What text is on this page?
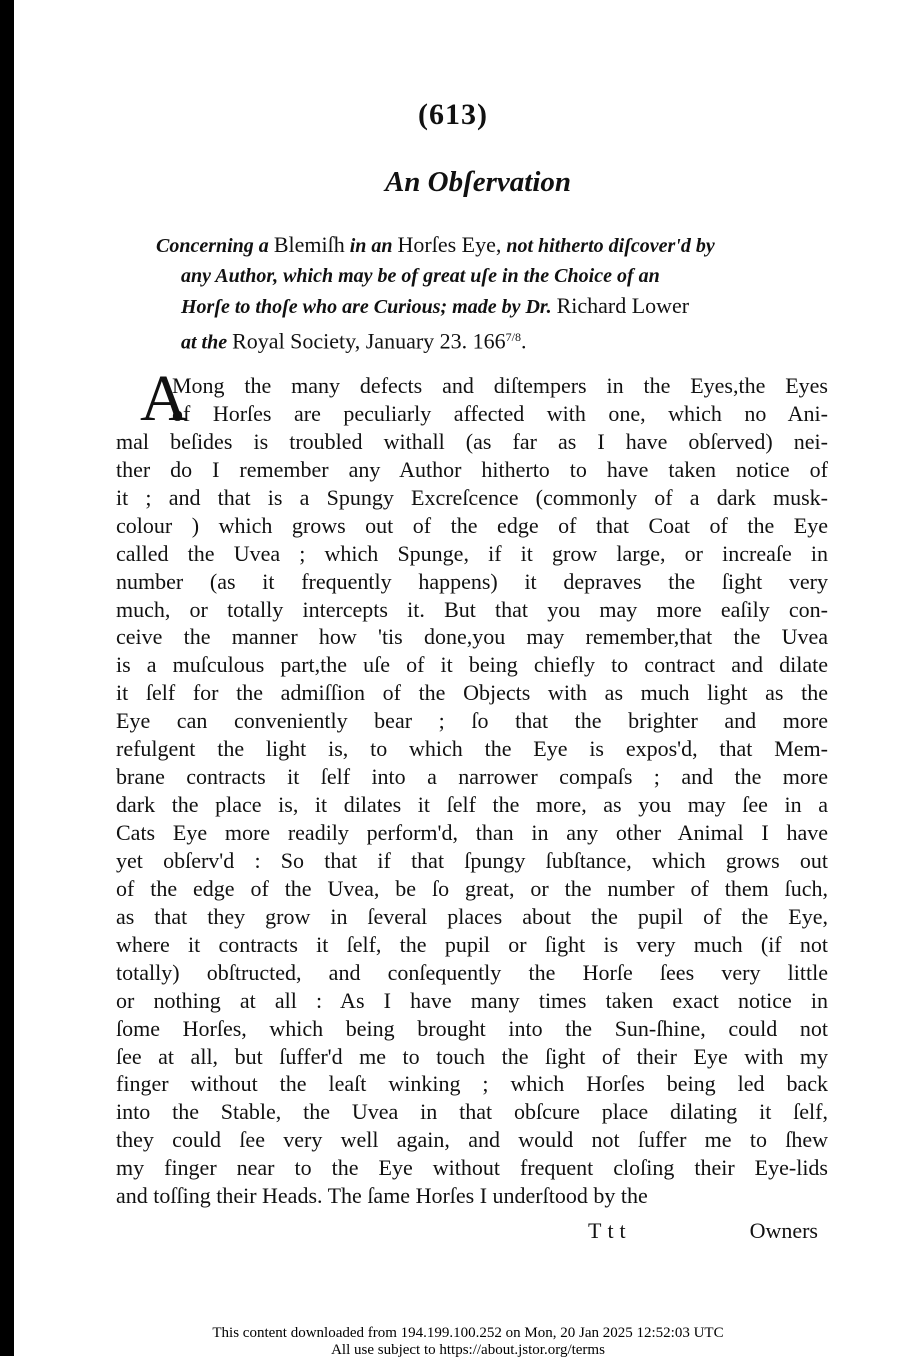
(613)
An Obſervation
Concerning a Blemiſh in an Horſes Eye, not hitherto diſcover'd by
any Author, which may be of great uſe in the Choice of an
Horſe to thoſe who are Curious; made by Dr. Richard Lower
at the Royal Society, January 23. $166^{7/8}$.
A
Mong the many defects and diſtempers in the Eyes,the Eyes
of Horſes are peculiarly affected with one, which no Ani-
mal beſides is troubled withall (as far as I have obſerved) nei-
ther do I remember any Author hitherto to have taken notice of
it ; and that is a Spungy Excreſcence (commonly of a dark musk-
colour ) which grows out of the edge of that Coat of the Eye
called the Uvea ; which Spunge, if it grow large, or increaſe in
number (as it frequently happens) it depraves the ſight very
much, or totally intercepts it. But that you may more eaſily con-
ceive the manner how 'tis done,you may remember,that the Uvea
is a muſculous part,the uſe of it being chiefly to contract and dilate
it ſelf for the admiſſion of the Objects with as much light as the
Eye can conveniently bear ; ſo that the brighter and more
refulgent the light is, to which the Eye is expos'd, that Mem-
brane contracts it ſelf into a narrower compaſs ; and the more
dark the place is, it dilates it ſelf the more, as you may ſee in a
Cats Eye more readily perform'd, than in any other Animal I have
yet obſerv'd : So that if that ſpungy ſubſtance, which grows out
of the edge of the Uvea, be ſo great, or the number of them ſuch,
as that they grow in ſeveral places about the pupil of the Eye,
where it contracts it ſelf, the pupil or ſight is very much (if not
totally) obſtructed, and conſequently the Horſe ſees very little
or nothing at all : As I have many times taken exact notice in
ſome Horſes, which being brought into the Sun-ſhine, could not
ſee at all, but ſuffer'd me to touch the ſight of their Eye with my
finger without the leaſt winking ; which Horſes being led back
into the Stable, the Uvea in that obſcure place dilating it ſelf,
they could ſee very well again, and would not ſuffer me to ſhew
my finger near to the Eye without frequent cloſing their Eye-lids
and toſſing their Heads. The ſame Horſes I underſtood by the
Ttt	Owners
This content downloaded from 194.199.100.252 on Mon, 20 Jan 2025 12:52:03 UTC
All use subject to https://about.jstor.org/terms
